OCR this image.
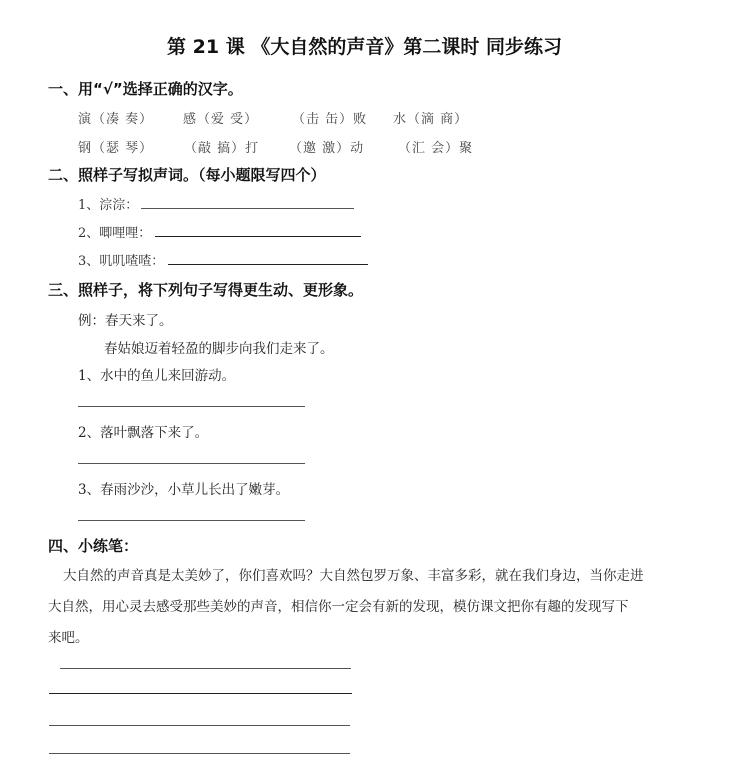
第 21 课 《大自然的声音》第二课时 同步练习
一、用“√”选择正确的汉字。
演（凑 奏） 感（爱 受）	（击 缶）败 水（滴 商）
钢（瑟 琴） （敲 搞）打 （邀 激）动	（汇 会）聚
二、照样子写拟声词。（每小题限写四个）
1、淙淙：
2、唧哩哩：
3、叽叽喳喳：
三、照样子，将下列句子写得更生动、更形象。
例：春天来了。
春姑娘迈着轻盈的脚步向我们走来了。
1、水中的鱼儿来回游动。
2、落叶飘落下来了。
3、春雨沙沙，小草儿长出了嫩芽。
四、小练笔：
大自然的声音真是太美妙了，你们喜欢吗？大自然包罗万象、丰富多彩，就在我们身边，当你走进
大自然，用心灵去感受那些美妙的声音，相信你一定会有新的发现，模仿课文把你有趣的发现写下
来吧。
